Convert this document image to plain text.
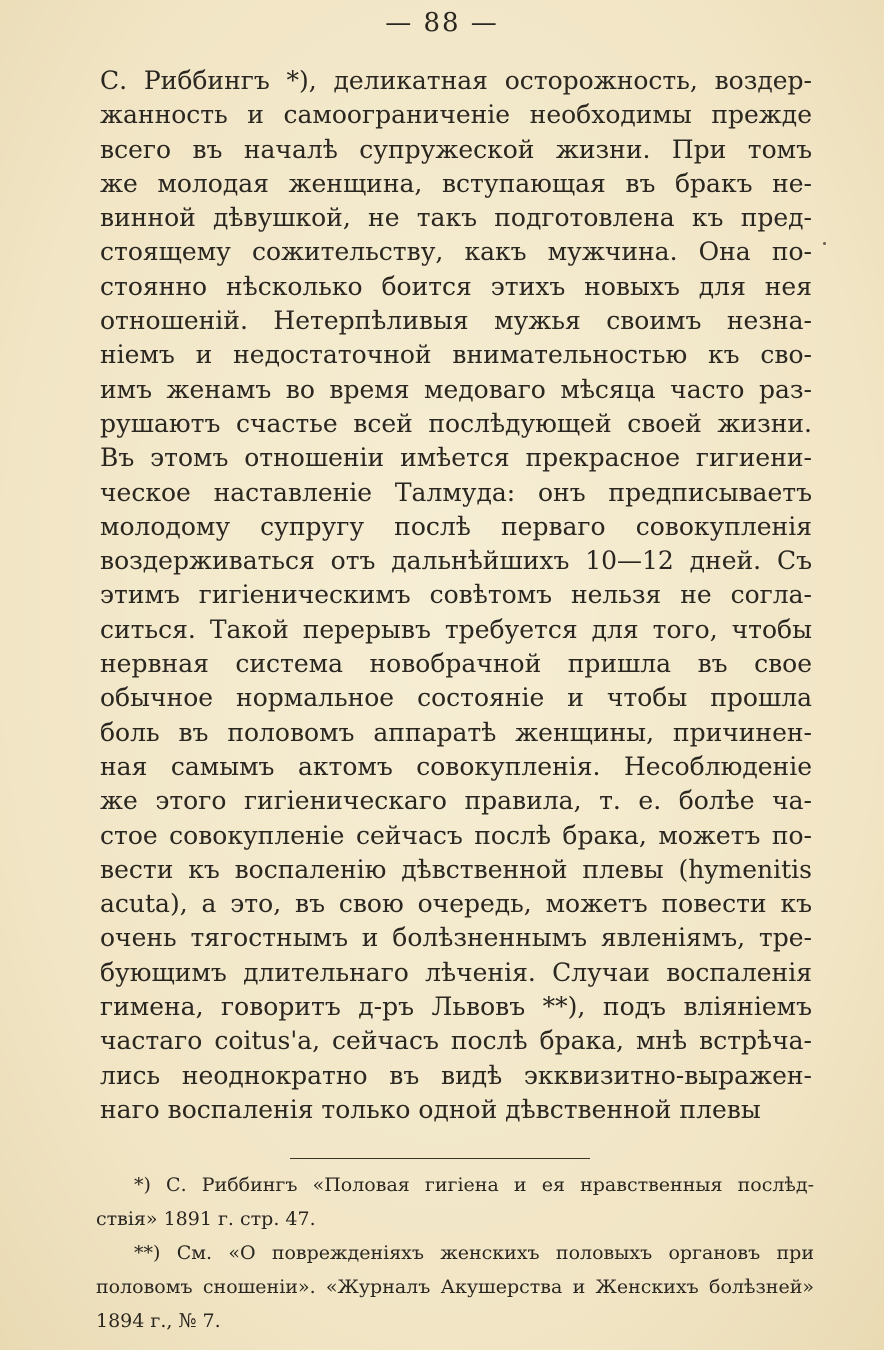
— 88 —
С. Риббингъ *), деликатная осторожность, воздер-
жанность и самоограниченіе необходимы прежде
всего въ началѣ супружеской жизни. При томъ
же молодая женщина, вступающая въ бракъ не-
винной дѣвушкой, не такъ подготовлена къ пред-
стоящему сожительству, какъ мужчина. Она по-
стоянно нѣсколько боится этихъ новыхъ для нея
отношеній. Нетерпѣливыя мужья своимъ незна-
ніемъ и недостаточной внимательностью къ сво-
имъ женамъ во время медоваго мѣсяца часто раз-
рушаютъ счастье всей послѣдующей своей жизни.
Въ этомъ отношеніи имѣется прекрасное гигиени-
ческое наставленіе Талмуда: онъ предписываетъ
молодому супругу послѣ перваго совокупленія
воздерживаться отъ дальнѣйшихъ 10—12 дней. Съ
этимъ гигіеническимъ совѣтомъ нельзя не согла-
ситься. Такой перерывъ требуется для того, чтобы
нервная система новобрачной пришла въ свое
обычное нормальное состояніе и чтобы прошла
боль въ половомъ аппаратѣ женщины, причинен-
ная самымъ актомъ совокупленія. Несоблюденіе
же этого гигіеническаго правила, т. е. болѣе ча-
стое совокупленіе сейчасъ послѣ брака, можетъ по-
вести къ воспаленію дѣвственной плевы (hymenitis
acuta), а это, въ свою очередь, можетъ повести къ
очень тягостнымъ и болѣзненнымъ явленіямъ, тре-
бующимъ длительнаго лѣченія. Случаи воспаленія
гимена, говоритъ д-ръ Львовъ **), подъ вліяніемъ
частаго coitus'a, сейчасъ послѣ брака, мнѣ встрѣча-
лись неоднократно въ видѣ экквизитно-выражен-
наго воспаленія только одной дѣвственной плевы
*) С. Риббингъ «Половая гигіена и ея нравственныя послѣд-
ствія» 1891 г. стр. 47.
**) См. «О поврежденіяхъ женскихъ половыхъ органовъ при
половомъ сношеніи». «Журналъ Акушерства и Женскихъ болѣзней»
1894 г., № 7.
